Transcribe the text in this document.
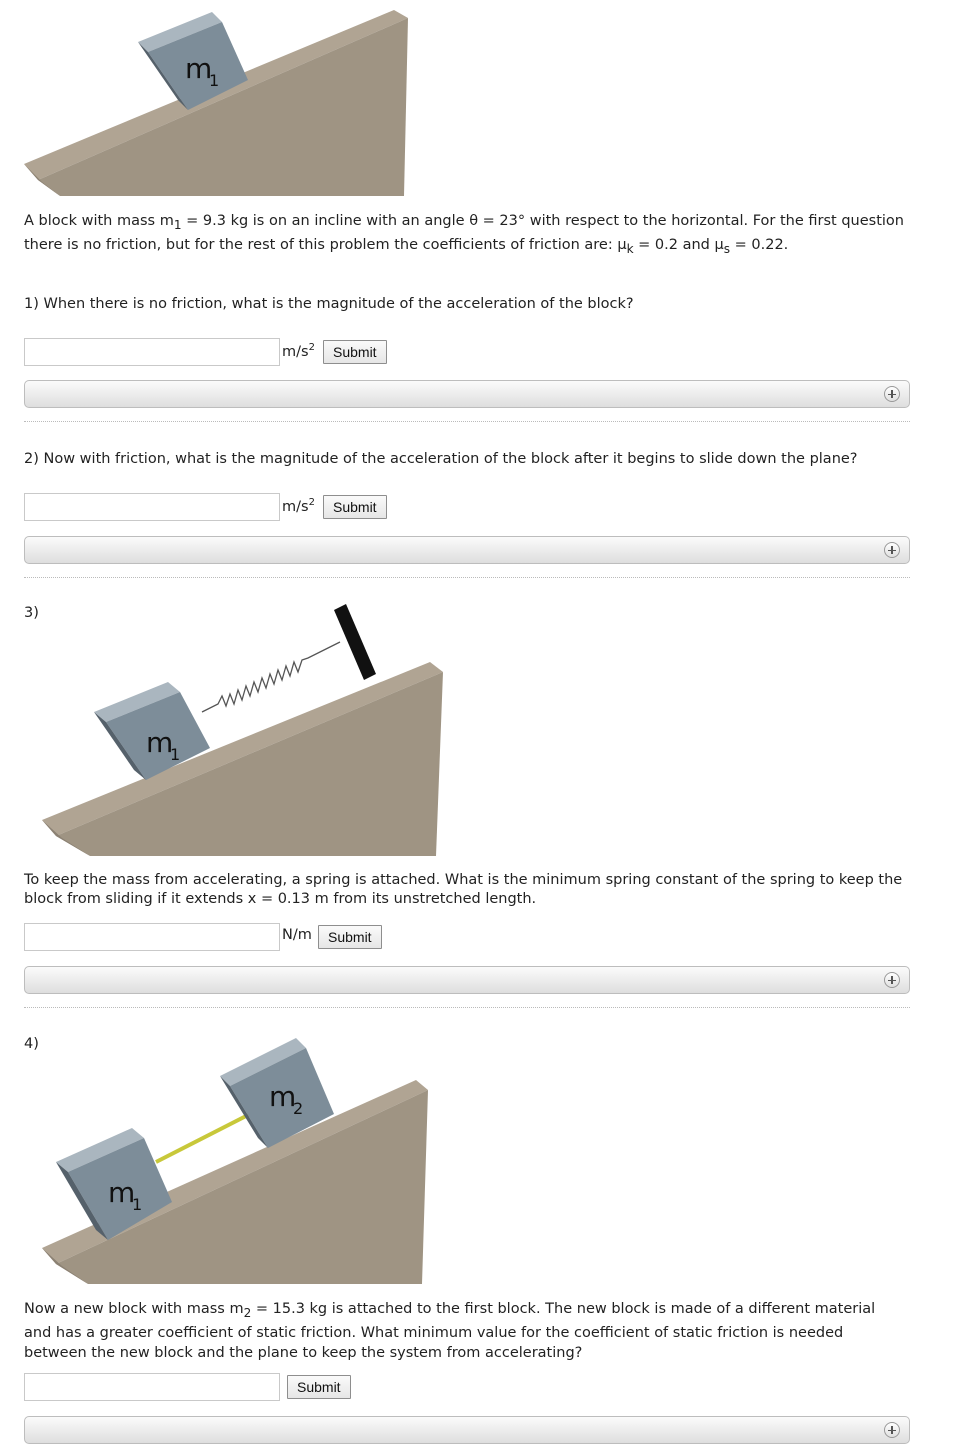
m
1
A block with mass $m_1 = 9.3$ kg is on an incline with an angle θ = 23° with respect to the horizontal. For the first question there is no friction, but for the rest of this problem the coefficients of friction are: $\mu_k = 0.2$ and $\mu_s = 0.22$.
1) When there is no friction, what is the magnitude of the acceleration of the block?
$m/s^2$	Submit
2) Now with friction, what is the magnitude of the acceleration of the block after it begins to slide down the plane?
$m/s^2$	Submit
3)
m
1
To keep the mass from accelerating, a spring is attached. What is the minimum spring constant of the spring to keep the block from sliding if it extends x = 0.13 m from its unstretched length.
N/m	Submit
4)
m
2
m
1
Now a new block with mass $m_2 = 15.3$ kg is attached to the first block. The new block is made of a different material and has a greater coefficient of static friction. What minimum value for the coefficient of static friction is needed between the new block and the plane to keep the system from accelerating?
Submit
